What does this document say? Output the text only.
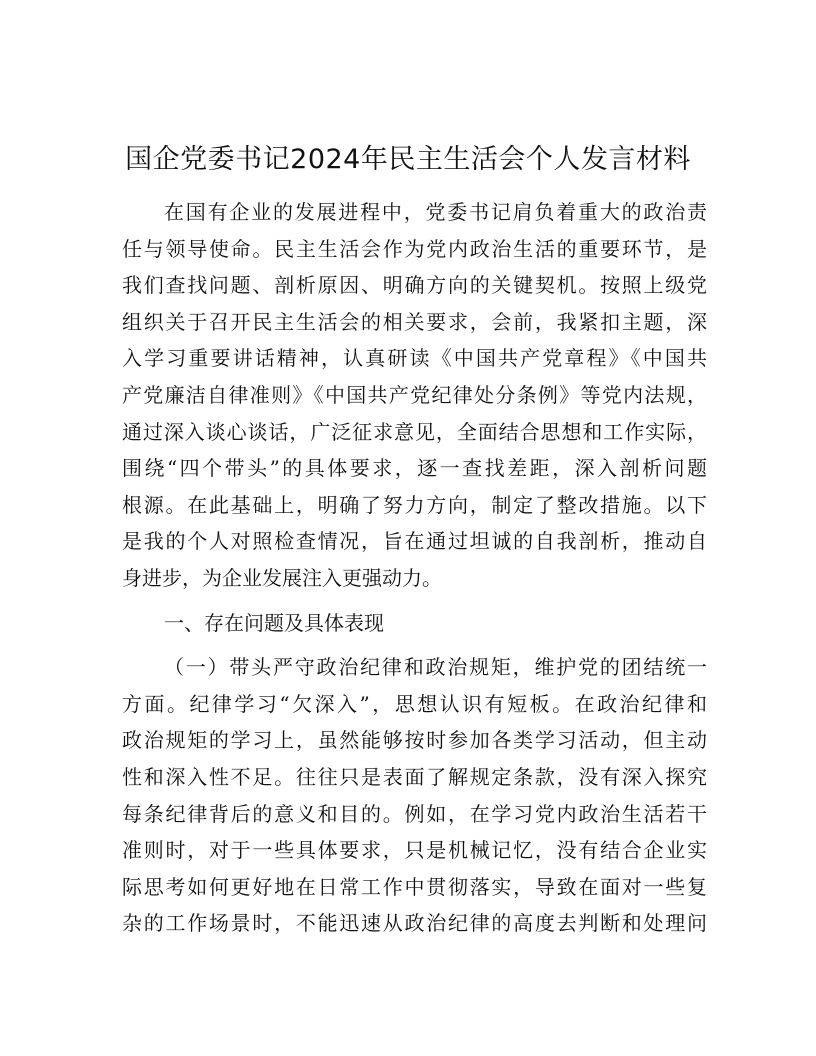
国企党委书记2024年民主生活会个人发言材料
在国有企业的发展进程中，党委书记肩负着重大的政治责
任与领导使命。民主生活会作为党内政治生活的重要环节，是
我们查找问题、剖析原因、明确方向的关键契机。按照上级党
组织关于召开民主生活会的相关要求，会前，我紧扣主题，深
入学习重要讲话精神，认真研读《中国共产党章程》《中国共
产党廉洁自律准则》《中国共产党纪律处分条例》等党内法规，
通过深入谈心谈话，广泛征求意见，全面结合思想和工作实际，
围绕“四个带头”的具体要求，逐一查找差距，深入剖析问题
根源。在此基础上，明确了努力方向，制定了整改措施。以下
是我的个人对照检查情况，旨在通过坦诚的自我剖析，推动自
身进步，为企业发展注入更强动力。
一、存在问题及具体表现
（一）带头严守政治纪律和政治规矩，维护党的团结统一
方面。纪律学习“欠深入”，思想认识有短板。在政治纪律和
政治规矩的学习上，虽然能够按时参加各类学习活动，但主动
性和深入性不足。往往只是表面了解规定条款，没有深入探究
每条纪律背后的意义和目的。例如，在学习党内政治生活若干
准则时，对于一些具体要求，只是机械记忆，没有结合企业实
际思考如何更好地在日常工作中贯彻落实，导致在面对一些复
杂的工作场景时，不能迅速从政治纪律的高度去判断和处理问
